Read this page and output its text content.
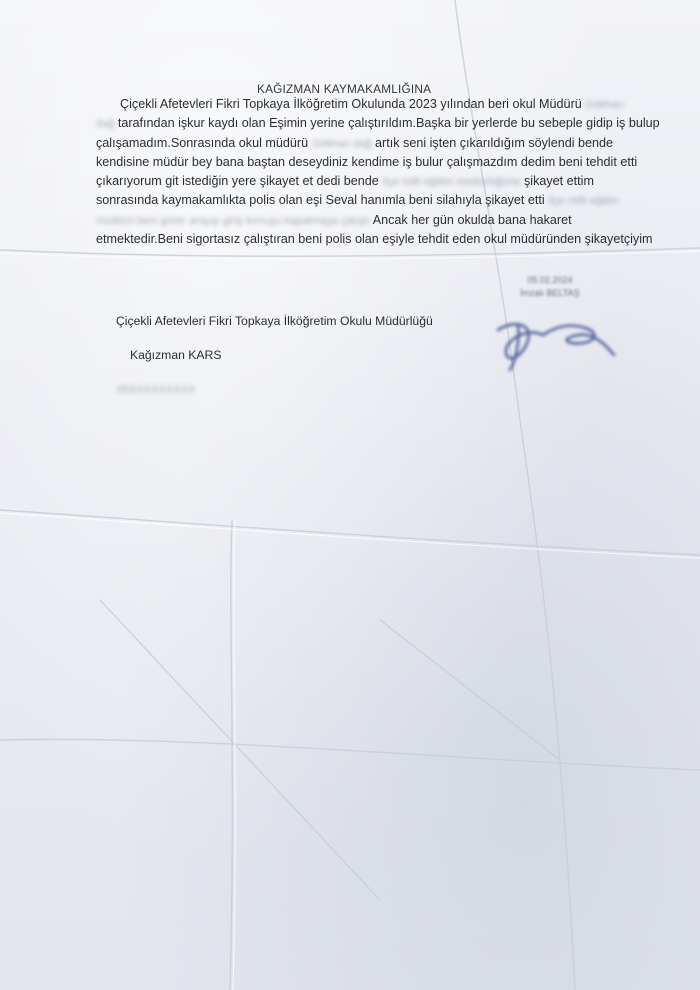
KAĞIZMAN KAYMAKAMLIĞINA
Çiçekli Afetevleri Fikri Topkaya İlköğretim Okulunda 2023 yılından beri okul Müdürü Gökhan
dağ tarafından işkur kaydı olan Eşimin yerine çalıştırıldım.Başka bir yerlerde bu sebeple gidip iş bulup
çalışamadım.Sonrasında okul müdürü Gökhan dağ artık seni işten çıkarıldığım söylendi bende
kendisine müdür bey bana baştan deseydiniz kendime iş bulur çalışmazdım dedim beni tehdit etti
çıkarıyorum git istediğin yere şikayet et dedi bende ilçe milli eğitim müdürlüğüne şikayet ettim
sonrasında kaymakamlıkta polis olan eşi Seval hanımla beni silahıyla şikayet etti ilçe milli eğitim
müdürü beni gürer arayıp giriş konuşu kapatmaya çalıştı Ancak her gün okulda bana hakaret
etmektedir.Beni sigortasız çalıştıran beni polis olan eşiyle tehdit eden okul müdüründen şikayetçiyim
05.02.2024
İmzalı BELTAŞ
Çiçekli Afetevleri Fikri Topkaya İlköğretim Okulu Müdürlüğü
Kağızman KARS
05XXXXXXXXX
